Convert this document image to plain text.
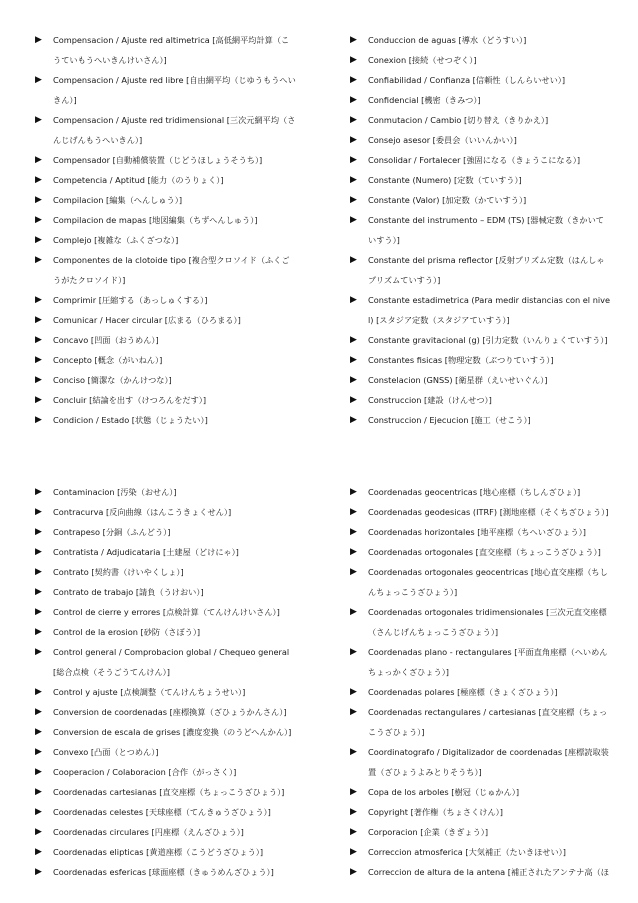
▶	Compensacion / Ajuste red altimetrica [高低網平均計算（こうていもうへいきんけいさん）]
▶	Compensacion / Ajuste red libre [自由網平均（じゆうもうへいきん）]
▶	Compensacion / Ajuste red tridimensional [三次元網平均（さんじげんもうへいきん）]
▶	Compensador [自動補償装置（じどうほしょうそうち）]
▶	Competencia / Aptitud [能力（のうりょく）]
▶	Compilacion [編集（へんしゅう）]
▶	Compilacion de mapas [地図編集（ちずへんしゅう）]
▶	Complejo [複雑な（ふくざつな）]
▶	Componentes de la clotoide tipo [複合型クロソイド（ふくごうがたクロソイド）]
▶	Comprimir [圧縮する（あっしゅくする）]
▶	Comunicar / Hacer circular [広まる（ひろまる）]
▶	Concavo [凹面（おうめん）]
▶	Concepto [概念（がいねん）]
▶	Conciso [簡潔な（かんけつな）]
▶	Concluir [結論を出す（けつろんをだす）]
▶	Condicion / Estado [状態（じょうたい）]
▶	Conduccion de aguas [導水（どうすい）]
▶	Conexion [接続（せつぞく）]
▶	Confiabilidad / Confianza [信頼性（しんらいせい）]
▶	Confidencial [機密（きみつ）]
▶	Conmutacion / Cambio [切り替え（きりかえ）]
▶	Consejo asesor [委員会（いいんかい）]
▶	Consolidar / Fortalecer [強固になる（きょうこになる）]
▶	Constante (Numero) [定数（ていすう）]
▶	Constante (Valor) [加定数（かていすう）]
▶	Constante del instrumento – EDM (TS) [器械定数（きかいていすう）]
▶	Constante del prisma reflector [反射プリズム定数（はんしゃプリズムていすう）]
▶	Constante estadimetrica (Para medir distancias con el nivel) [スタジア定数（スタジアていすう）]
▶	Constante gravitacional (g) [引力定数（いんりょくていすう）]
▶	Constantes fisicas [物理定数（ぶつりていすう）]
▶	Constelacion (GNSS) [衛星群（えいせいぐん）]
▶	Construccion [建設（けんせつ）]
▶	Construccion / Ejecucion [施工（せこう）]
▶	Contaminacion [汚染（おせん）]
▶	Contracurva [反向曲線（はんこうきょくせん）]
▶	Contrapeso [分銅（ふんどう）]
▶	Contratista / Adjudicataria [土建屋（どけにゃ）]
▶	Contrato [契約書（けいやくしょ）]
▶	Contrato de trabajo [請負（うけおい）]
▶	Control de cierre y errores [点検計算（てんけんけいさん）]
▶	Control de la erosion [砂防（さぼう）]
▶	Control general / Comprobacion global / Chequeo general [総合点検（そうごうてんけん）]
▶	Control y ajuste [点検調整（てんけんちょうせい）]
▶	Conversion de coordenadas [座標換算（ざひょうかんさん）]
▶	Conversion de escala de grises [濃度変換（のうどへんかん）]
▶	Convexo [凸面（とつめん）]
▶	Cooperacion / Colaboracion [合作（がっさく）]
▶	Coordenadas cartesianas [直交座標（ちょっこうざひょう）]
▶	Coordenadas celestes [天球座標（てんきゅうざひょう）]
▶	Coordenadas circulares [円座標（えんざひょう）]
▶	Coordenadas elipticas [黄道座標（こうどうざひょう）]
▶	Coordenadas esfericas [球面座標（きゅうめんざひょう）]
▶	Coordenadas geocentricas [地心座標（ちしんざひょ）]
▶	Coordenadas geodesicas (ITRF) [測地座標（そくちざひょう）]
▶	Coordenadas horizontales [地平座標（ちへいざひょう）]
▶	Coordenadas ortogonales [直交座標（ちょっこうざひょう）]
▶	Coordenadas ortogonales geocentricas [地心直交座標（ちしんちょっこうざひょう）]
▶	Coordenadas ortogonales tridimensionales [三次元直交座標（さんじげんちょっこうざひょう）]
▶	Coordenadas plano - rectangulares [平面直角座標（へいめんちょっかくざひょう）]
▶	Coordenadas polares [極座標（きょくざひょう）]
▶	Coordenadas rectangulares / cartesianas [直交座標（ちょっこうざひょう）]
▶	Coordinatografo / Digitalizador de coordenadas [座標読取装置（ざひょうよみとりそうち）]
▶	Copa de los arboles [樹冠（じゅかん）]
▶	Copyright [著作権（ちょさくけん）]
▶	Corporacion [企業（きぎょう）]
▶	Correccion atmosferica [大気補正（たいきほせい）]
▶	Correccion de altura de la antena [補正されたアンテナ高（ほ
